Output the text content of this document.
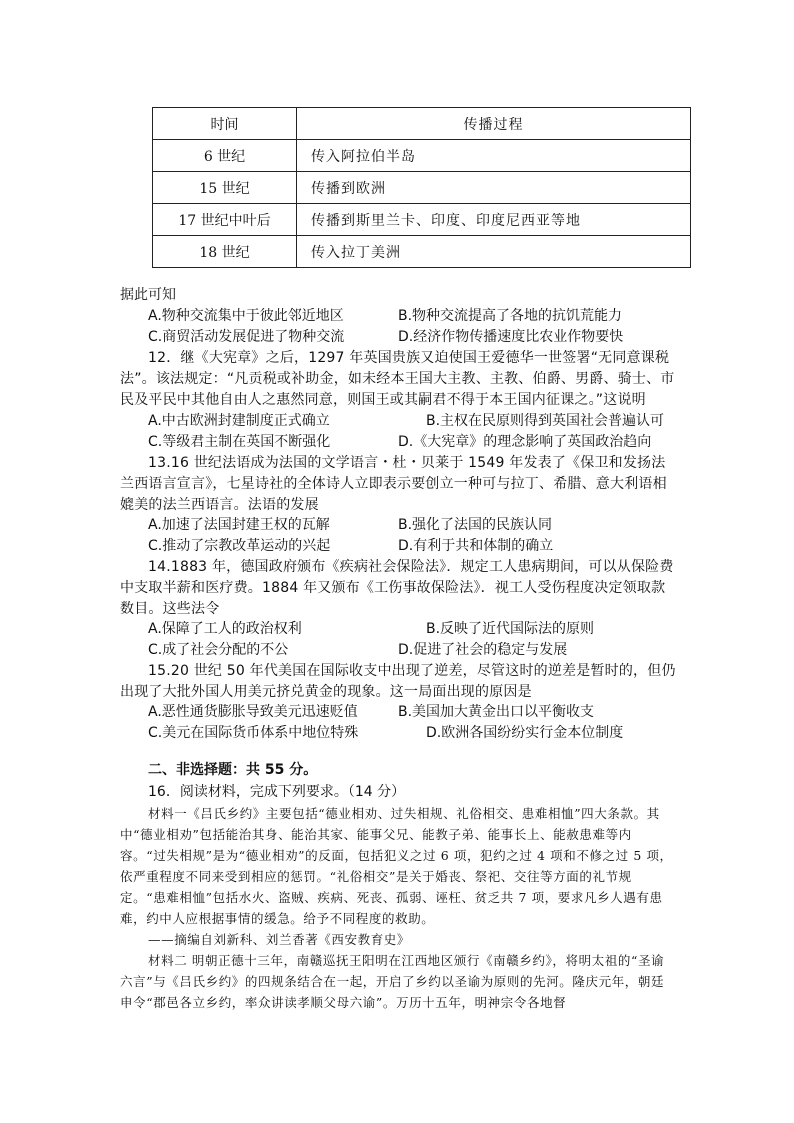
时间	传播过程
6 世纪	传入阿拉伯半岛
15 世纪	传播到欧洲
17 世纪中叶后	传播到斯里兰卡、印度、印度尼西亚等地
18 世纪	传入拉丁美洲
据此可知
A.物种交流集中于彼此邻近地区	B.物种交流提高了各地的抗饥荒能力
C.商贸活动发展促进了物种交流	D.经济作物传播速度比农业作物要快
12．继《大宪章》之后，1297 年英国贵族又迫使国王爱德华一世签署“无同意课税法”。该法规定：“凡贡税或补助金，如未经本王国大主教、主教、伯爵、男爵、骑士、市民及平民中其他自由人之惠然同意，则国王或其嗣君不得于本王国内征课之。”这说明
A.中古欧洲封建制度正式确立	B.主权在民原则得到英国社会普遍认可
C.等级君主制在英国不断强化	D.《大宪章》的理念影响了英国政治趋向
13.16 世纪法语成为法国的文学语言・杜・贝莱于 1549 年发表了《保卫和发扬法兰西语言宣言》，七星诗社的全体诗人立即表示要创立一种可与拉丁、希腊、意大利语相媲美的法兰西语言。法语的发展
A.加速了法国封建王权的瓦解	B.强化了法国的民族认同
C.推动了宗教改革运动的兴起	D.有利于共和体制的确立
14.1883 年，德国政府颁布《疾病社会保险法》．规定工人患病期间，可以从保险费中支取半薪和医疗费。1884 年又颁布《工伤事故保险法》．视工人受伤程度决定领取款数目。这些法令
A.保障了工人的政治权利	B.反映了近代国际法的原则
C.成了社会分配的不公	D.促进了社会的稳定与发展
15.20 世纪 50 年代美国在国际收支中出现了逆差，尽管这时的逆差是暂时的，但仍出现了大批外国人用美元挤兑黄金的现象。这一局面出现的原因是
A.恶性通货膨胀导致美元迅速贬值	B.美国加大黄金出口以平衡收支
C.美元在国际货币体系中地位特殊	D.欧洲各国纷纷实行金本位制度
二、非选择题：共 55 分。
16．阅读材料，完成下列要求。（14 分）
材料一《吕氏乡约》主要包括“德业相劝、过失相规、礼俗相交、患难相恤”四大条款。其中“德业相劝”包括能治其身、能治其家、能事父兄、能教子弟、能事长上、能赦患难等内容。“过失相规”是为“德业相劝”的反面，包括犯义之过 6 项，犯约之过 4 项和不修之过 5 项，依严重程度不同来受到相应的惩罚。“礼俗相交”是关于婚丧、祭祀、交往等方面的礼节规定。“患难相恤”包括水火、盗贼、疾病、死丧、孤弱、诬枉、贫乏共 7 项，要求凡乡人遇有患难，约中人应根据事情的缓急。给予不同程度的救助。
——摘编自刘新科、刘兰香著《西安教育史》
材料二 明朝正德十三年，南赣巡抚王阳明在江西地区颁行《南赣乡约》，将明太祖的“圣谕六言”与《吕氏乡约》的四规条结合在一起，开启了乡约以圣谕为原则的先河。隆庆元年，朝廷申令“郡邑各立乡约，率众讲读孝顺父母六谕”。万历十五年，明神宗令各地督
